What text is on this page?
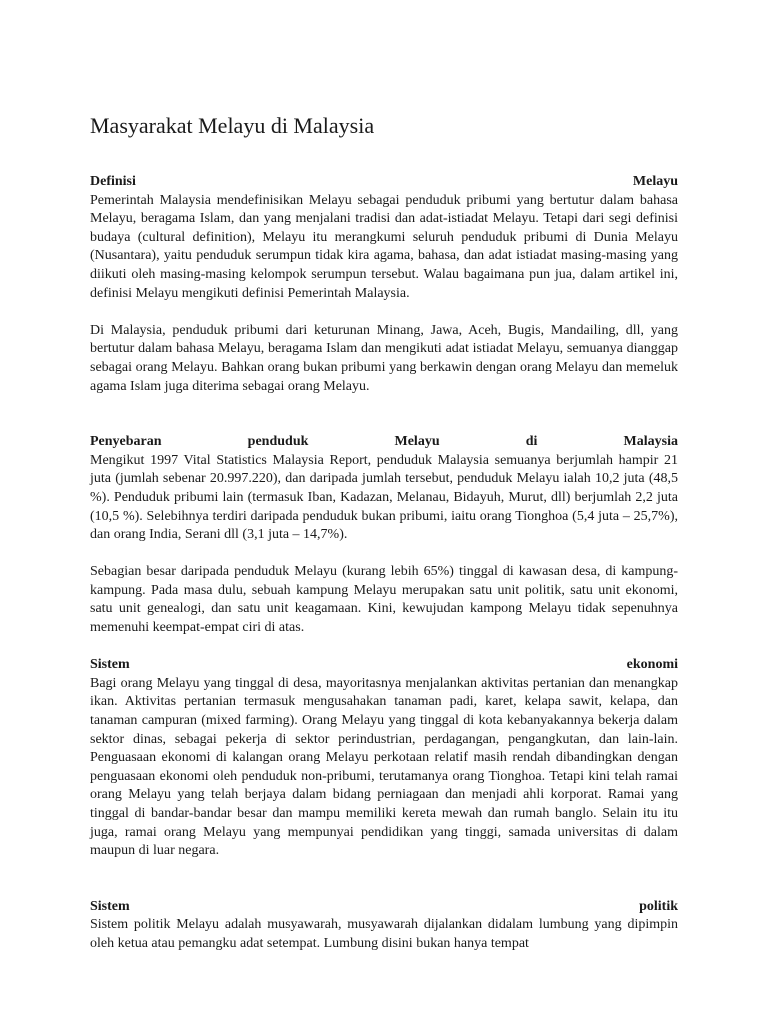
Masyarakat Melayu di Malaysia
Definisi	Melayu

Pemerintah Malaysia mendefinisikan Melayu sebagai penduduk pribumi yang bertutur dalam bahasa Melayu, beragama Islam, dan yang menjalani tradisi dan adat-istiadat Melayu. Tetapi dari segi definisi budaya (cultural definition), Melayu itu merangkumi seluruh penduduk pribumi di Dunia Melayu (Nusantara), yaitu penduduk serumpun tidak kira agama, bahasa, dan adat istiadat masing-masing yang diikuti oleh masing-masing kelompok serumpun tersebut. Walau bagaimana pun jua, dalam artikel ini, definisi Melayu mengikuti definisi Pemerintah Malaysia.

Di Malaysia, penduduk pribumi dari keturunan Minang, Jawa, Aceh, Bugis, Mandailing, dll, yang bertutur dalam bahasa Melayu, beragama Islam dan mengikuti adat istiadat Melayu, semuanya dianggap sebagai orang Melayu. Bahkan orang bukan pribumi yang berkawin dengan orang Melayu dan memeluk agama Islam juga diterima sebagai orang Melayu.

Penyebaran	penduduk	Melayu	di	Malaysia

Mengikut 1997 Vital Statistics Malaysia Report, penduduk Malaysia semuanya berjumlah hampir 21 juta (jumlah sebenar 20.997.220), dan daripada jumlah tersebut, penduduk Melayu ialah 10,2 juta (48,5 %). Penduduk pribumi lain (termasuk Iban, Kadazan, Melanau, Bidayuh, Murut, dll) berjumlah 2,2 juta (10,5 %). Selebihnya terdiri daripada penduduk bukan pribumi, iaitu orang Tionghoa (5,4 juta – 25,7%), dan orang India, Serani dll (3,1 juta – 14,7%).

Sebagian besar daripada penduduk Melayu (kurang lebih 65%) tinggal di kawasan desa, di kampung-kampung. Pada masa dulu, sebuah kampung Melayu merupakan satu unit politik, satu unit ekonomi, satu unit genealogi, dan satu unit keagamaan. Kini, kewujudan kampong Melayu tidak sepenuhnya memenuhi keempat-empat ciri di atas.

Sistem	ekonomi

Bagi orang Melayu yang tinggal di desa, mayoritasnya menjalankan aktivitas pertanian dan menangkap ikan. Aktivitas pertanian termasuk mengusahakan tanaman padi, karet, kelapa sawit, kelapa, dan tanaman campuran (mixed farming). Orang Melayu yang tinggal di kota kebanyakannya bekerja dalam sektor dinas, sebagai pekerja di sektor perindustrian, perdagangan, pengangkutan, dan lain-lain. Penguasaan ekonomi di kalangan orang Melayu perkotaan relatif masih rendah dibandingkan dengan penguasaan ekonomi oleh penduduk non-pribumi, terutamanya orang Tionghoa. Tetapi kini telah ramai orang Melayu yang telah berjaya dalam bidang perniagaan dan menjadi ahli korporat. Ramai yang tinggal di bandar-bandar besar dan mampu memiliki kereta mewah dan rumah banglo. Selain itu itu juga, ramai orang Melayu yang mempunyai pendidikan yang tinggi, samada universitas di dalam maupun di luar negara.

Sistem	politik

Sistem politik Melayu adalah musyawarah, musyawarah dijalankan didalam lumbung yang dipimpin oleh ketua atau pemangku adat setempat. Lumbung disini bukan hanya tempat
